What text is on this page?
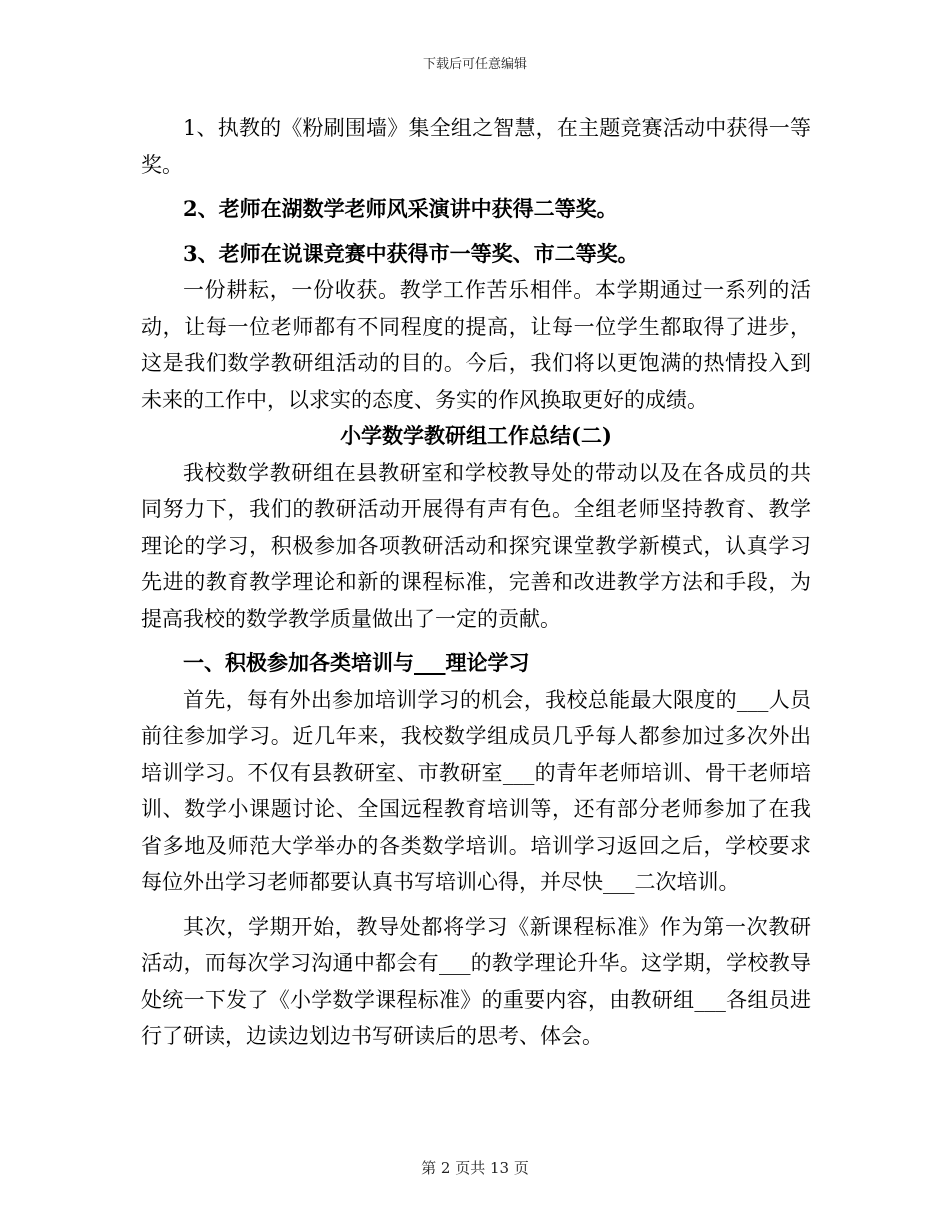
下载后可任意编辑

1、执教的《粉刷围墙》集全组之智慧，在主题竞赛活动中获得一等奖。

2、老师在湖数学老师风采演讲中获得二等奖。

3、老师在说课竞赛中获得市一等奖、市二等奖。

一份耕耘，一份收获。教学工作苦乐相伴。本学期通过一系列的活动，让每一位老师都有不同程度的提高，让每一位学生都取得了进步，这是我们数学教研组活动的目的。今后，我们将以更饱满的热情投入到未来的工作中，以求实的态度、务实的作风换取更好的成绩。

小学数学教研组工作总结(二)

我校数学教研组在县教研室和学校教导处的带动以及在各成员的共同努力下，我们的教研活动开展得有声有色。全组老师坚持教育、教学理论的学习，积极参加各项教研活动和探究课堂教学新模式，认真学习先进的教育教学理论和新的课程标准，完善和改进教学方法和手段，为提高我校的数学教学质量做出了一定的贡献。

一、积极参加各类培训与___理论学习

首先，每有外出参加培训学习的机会，我校总能最大限度的___人员前往参加学习。近几年来，我校数学组成员几乎每人都参加过多次外出培训学习。不仅有县教研室、市教研室___的青年老师培训、骨干老师培训、数学小课题讨论、全国远程教育培训等，还有部分老师参加了在我省多地及师范大学举办的各类数学培训。培训学习返回之后，学校要求每位外出学习老师都要认真书写培训心得，并尽快___二次培训。

其次，学期开始，教导处都将学习《新课程标准》作为第一次教研活动，而每次学习沟通中都会有___的教学理论升华。这学期，学校教导处统一下发了《小学数学课程标准》的重要内容，由教研组___各组员进行了研读，边读边划边书写研读后的思考、体会。

第 2 页共 13 页
